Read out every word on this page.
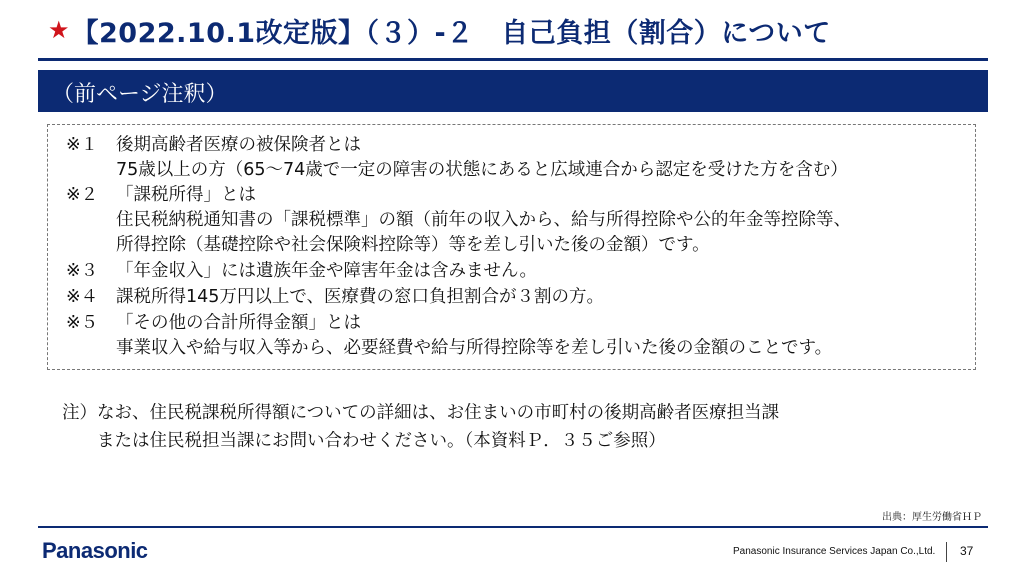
★ 【2022.10.1改定版】（３）-２　自己負担（割合）について
（前ページ注釈）
※１ 後期高齢者医療の被保険者とは
75歳以上の方（65～74歳で一定の障害の状態にあると広域連合から認定を受けた方を含む）
※２ 「課税所得」とは
住民税納税通知書の「課税標準」の額（前年の収入から、給与所得控除や公的年金等控除等、
所得控除（基礎控除や社会保険料控除等）等を差し引いた後の金額）です。
※３ 「年金収入」には遺族年金や障害年金は含みません。
※４ 課税所得145万円以上で、医療費の窓口負担割合が３割の方。
※５ 「その他の合計所得金額」とは
事業収入や給与収入等から、必要経費や給与所得控除等を差し引いた後の金額のことです。
注）なお、住民税課税所得額についての詳細は、お住まいの市町村の後期高齢者医療担当課
　　または住民税担当課にお問い合わせください。（本資料Ｐ．３５ご参照）
出典：厚生労働省ＨＰ
Panasonic	Panasonic Insurance Services Japan Co.,Ltd. 37
